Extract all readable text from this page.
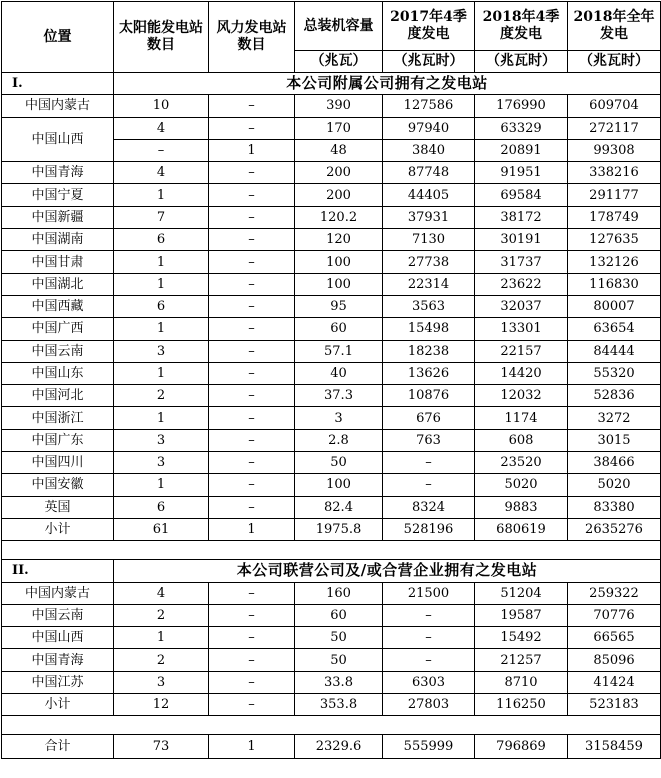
位置	太阳能发电站数目	风力发电站数目	总装机容量	2017年4季度发电	2018年4季度发电	2018年全年发电
			（兆瓦）	（兆瓦时）	（兆瓦时）	（兆瓦时）
I.	本公司附属公司拥有之发电站					
中国内蒙古	10	–	390	127586	176990	609704
中国山西	4	–	170	97940	63329	272117
	–	1	48	3840	20891	99308
中国青海	4	–	200	87748	91951	338216
中国宁夏	1	–	200	44405	69584	291177
中国新疆	7	–	120.2	37931	38172	178749
中国湖南	6	–	120	7130	30191	127635
中国甘肃	1	–	100	27738	31737	132126
中国湖北	1	–	100	22314	23622	116830
中国西藏	6	–	95	3563	32037	80007
中国广西	1	–	60	15498	13301	63654
中国云南	3	–	57.1	18238	22157	84444
中国山东	1	–	40	13626	14420	55320
中国河北	2	–	37.3	10876	12032	52836
中国浙江	1	–	3	676	1174	3272
中国广东	3	–	2.8	763	608	3015
中国四川	3	–	50	–	23520	38466
中国安徽	1	–	100	–	5020	5020
英国	6	–	82.4	8324	9883	83380
小计	61	1	1975.8	528196	680619	2635276

II.	本公司联营公司及/或合营企业拥有之发电站					
中国内蒙古	4	–	160	21500	51204	259322
中国云南	2	–	60	–	19587	70776
中国山西	1	–	50	–	15492	66565
中国青海	2	–	50	–	21257	85096
中国江苏	3	–	33.8	6303	8710	41424
小计	12	–	353.8	27803	116250	523183

合计	73	1	2329.6	555999	796869	3158459
